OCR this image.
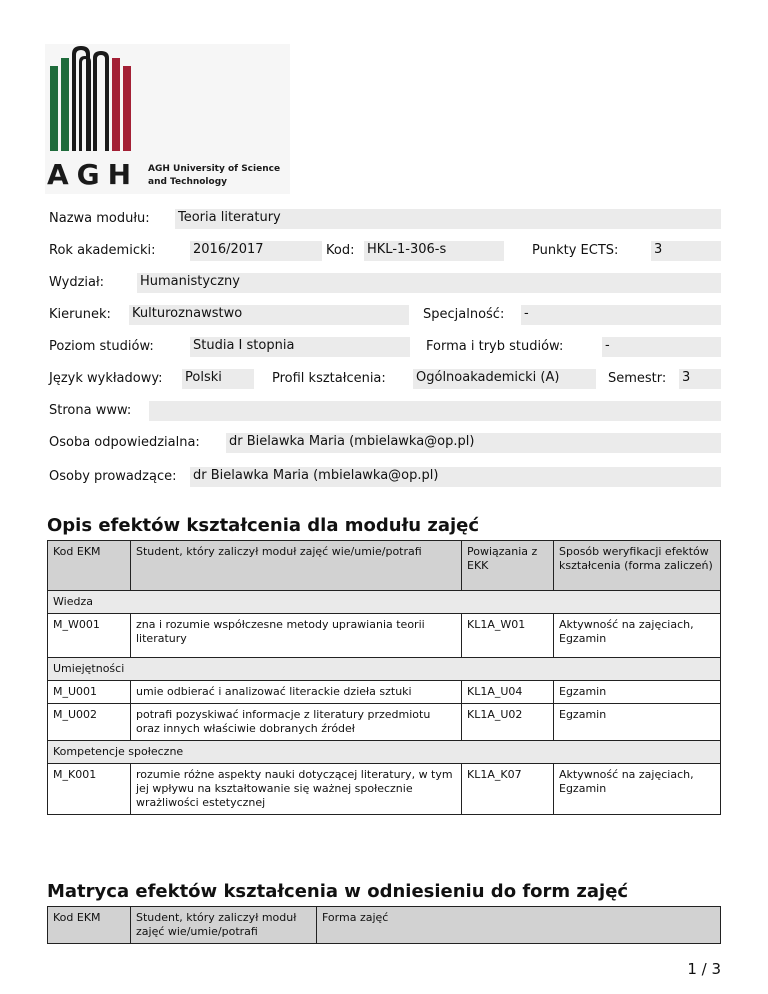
AGH AGH University of Science
and Technology
Nazwa modułu: Teoria literatury
Rok akademicki:	2016/2017	Kod: HKL-1-306-s	Punkty ECTS:	3
Wydział:	Humanistyczny
Kierunek: Kulturoznawstwo	Specjalność: -
Poziom studiów:	Studia I stopnia	Forma i tryb studiów:	-
Język wykładowy: Polski	Profil kształcenia: Ogólnoakademicki (A)	Semestr: 3
Strona www:
Osoba odpowiedzialna: dr Bielawka Maria (mbielawka@op.pl)
Osoby prowadzące: dr Bielawka Maria (mbielawka@op.pl)
Opis efektów kształcenia dla modułu zajęć
Kod EKM	Student, który zaliczył moduł zajęć wie/umie/potrafi	Powiązania z EKK	Sposób weryfikacji efektów kształcenia (forma zaliczeń)
Wiedza			
M_W001	zna i rozumie współczesne metody uprawiania teorii literatury	KL1A_W01	Aktywność na zajęciach, Egzamin
Umiejętności			
M_U001	umie odbierać i analizować literackie dzieła sztuki	KL1A_U04	Egzamin
M_U002	potrafi pozyskiwać informacje z literatury przedmiotu oraz innych właściwie dobranych źródeł	KL1A_U02	Egzamin
Kompetencje społeczne			
M_K001	rozumie różne aspekty nauki dotyczącej literatury, w tym jej wpływu na kształtowanie się ważnej społecznie wrażliwości estetycznej	KL1A_K07	Aktywność na zajęciach, Egzamin
Matryca efektów kształcenia w odniesieniu do form zajęć
Kod EKM	Student, który zaliczył moduł zajęć wie/umie/potrafi	Forma zajęć
1 / 3
